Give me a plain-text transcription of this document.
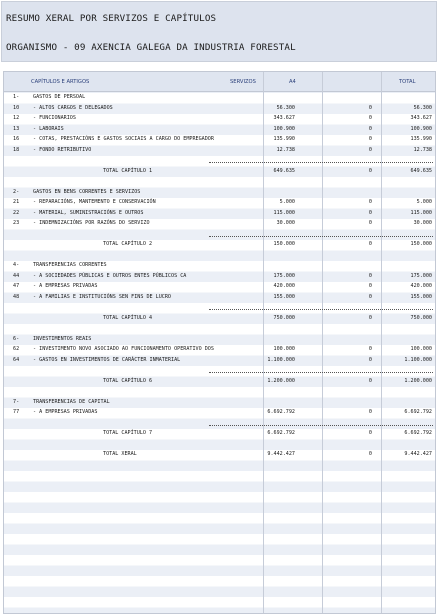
RESUMO XERAL POR SERVIZOS E CAPÍTULOS
ORGANISMO - 09 AXENCIA GALEGA DA INDUSTRIA FORESTAL
CAPÍTULOS E ARTIGOS	SERVIZOS	A4	TOTAL
1-	GASTOS DE PERSOAL
10	- ALTOS CARGOS E DELEGADOS	56.300	0	56.300
12	- FUNCIONARIOS	343.627	0	343.627
13	- LABORAIS	100.900	0	100.900
16	- COTAS, PRESTACIÓNS E GASTOS SOCIAIS A CARGO DO EMPREGADOR	135.990	0	135.990
18	- FONDO RETRIBUTIVO	12.738	0	12.738
TOTAL CAPÍTULO 1	649.635	0	649.635
2-	GASTOS EN BENS CORRENTES E SERVIZOS
21	- REPARACIÓNS, MANTEMENTO E CONSERVACIÓN	5.000	0	5.000
22	- MATERIAL, SUMINISTRACIÓNS E OUTROS	115.000	0	115.000
23	- INDEMNIZACIÓNS POR RAZÓNS DO SERVIZO	30.000	0	30.000
TOTAL CAPÍTULO 2	150.000	0	150.000
4-	TRANSFERENCIAS CORRENTES
44	- A SOCIEDADES PÚBLICAS E OUTROS ENTES PÚBLICOS CA	175.000	0	175.000
47	- A EMPRESAS PRIVADAS	420.000	0	420.000
48	- A FAMILIAS E INSTITUCIÓNS SEN FINS DE LUCRO	155.000	0	155.000
TOTAL CAPÍTULO 4	750.000	0	750.000
6-	INVESTIMENTOS REAIS
62	- INVESTIMENTO NOVO ASOCIADO AO FUNCIONAMENTO OPERATIVO DOS	100.000	0	100.000
64	- GASTOS EN INVESTIMENTOS DE CARÁCTER INMATERIAL	1.100.000	0	1.100.000
TOTAL CAPÍTULO 6	1.200.000	0	1.200.000
7-	TRANSFERENCIAS DE CAPITAL
77	- A EMPRESAS PRIVADAS	6.692.792	0	6.692.792
TOTAL CAPÍTULO 7	6.692.792	0	6.692.792
TOTAL XERAL	9.442.427	0	9.442.427
